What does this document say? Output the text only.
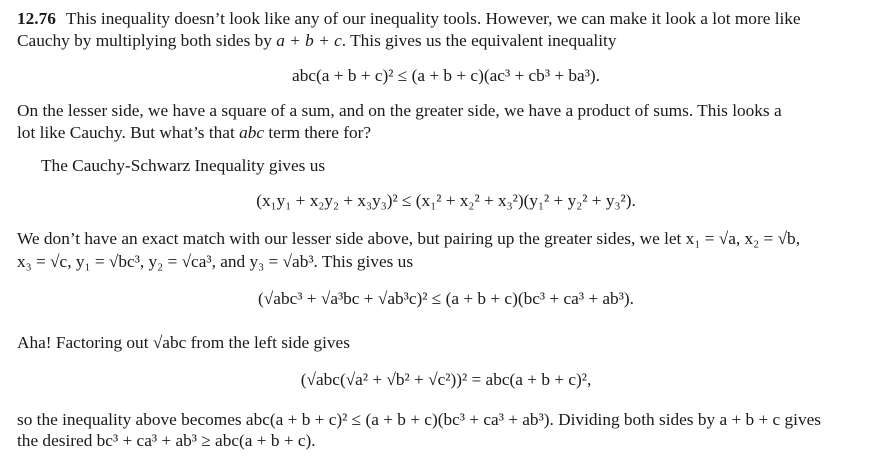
12.76 This inequality doesn’t look like any of our inequality tools. However, we can make it look a lot more like
Cauchy by multiplying both sides by a + b + c. This gives us the equivalent inequality
abc(a + b + c)² ≤ (a + b + c)(ac³ + cb³ + ba³).
On the lesser side, we have a square of a sum, and on the greater side, we have a product of sums. This looks a
lot like Cauchy. But what’s that abc term there for?
The Cauchy-Schwarz Inequality gives us
(x₁y₁ + x₂y₂ + x₃y₃)² ≤ (x₁² + x₂² + x₃²)(y₁² + y₂² + y₃²).
We don’t have an exact match with our lesser side above, but pairing up the greater sides, we let x₁ = √a, x₂ = √b,
x₃ = √c, y₁ = √bc³, y₂ = √ca³, and y₃ = √ab³. This gives us
(√abc³ + √a³bc + √ab³c)² ≤ (a + b + c)(bc³ + ca³ + ab³).
Aha! Factoring out √abc from the left side gives
(√abc(√a² + √b² + √c²))² = abc(a + b + c)²,
so the inequality above becomes abc(a + b + c)² ≤ (a + b + c)(bc³ + ca³ + ab³). Dividing both sides by a + b + c gives
the desired bc³ + ca³ + ab³ ≥ abc(a + b + c).
